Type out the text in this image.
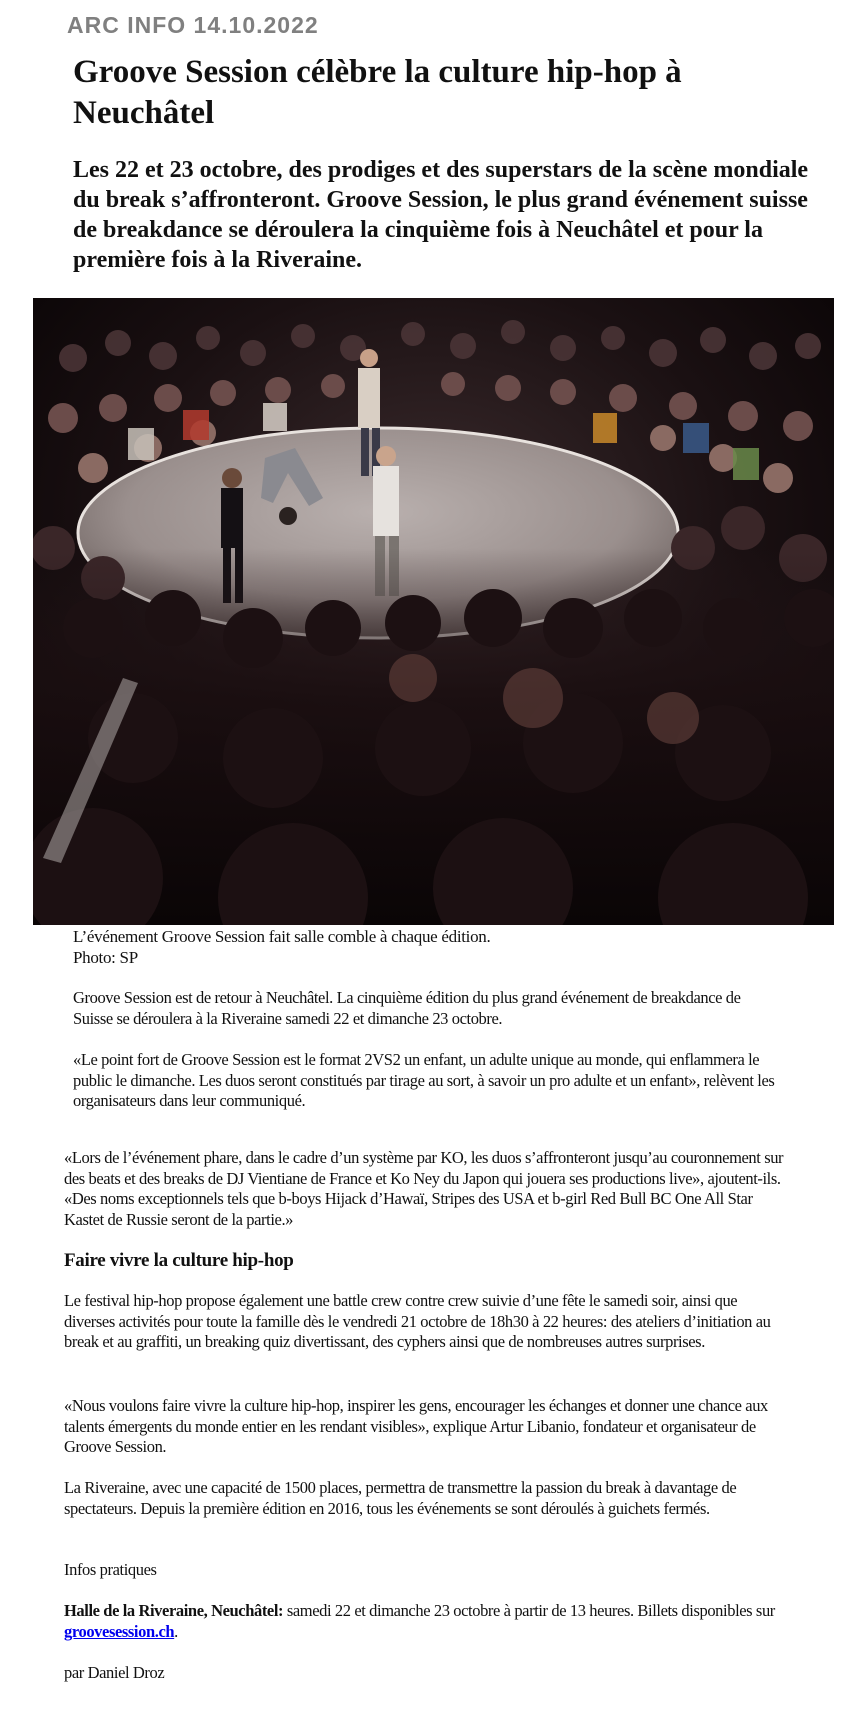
ARC INFO 14.10.2022

Groove Session célèbre la culture hip-hop à Neuchâtel

Les 22 et 23 octobre, des prodiges et des superstars de la scène mondiale du break s’affronteront. Groove Session, le plus grand événement suisse de breakdance se déroulera la cinquième fois à Neuchâtel et pour la première fois à la Riveraine.

L’événement Groove Session fait salle comble à chaque édition.
Photo: SP

Groove Session est de retour à Neuchâtel. La cinquième édition du plus grand événement de breakdance de Suisse se déroulera à la Riveraine samedi 22 et dimanche 23 octobre.

«Le point fort de Groove Session est le format 2VS2 un enfant, un adulte unique au monde, qui enflammera le public le dimanche. Les duos seront constitués par tirage au sort, à savoir un pro adulte et un enfant», relèvent les organisateurs dans leur communiqué.

«Lors de l’événement phare, dans le cadre d’un système par KO, les duos s’affronteront jusqu’au couronnement sur des beats et des breaks de DJ Vientiane de France et Ko Ney du Japon qui jouera ses productions live», ajoutent-ils. «Des noms exceptionnels tels que b-boys Hijack d’Hawaï, Stripes des USA et b-girl Red Bull BC One All Star Kastet de Russie seront de la partie.»

Faire vivre la culture hip-hop

Le festival hip-hop propose également une battle crew contre crew suivie d’une fête le samedi soir, ainsi que diverses activités pour toute la famille dès le vendredi 21 octobre de 18h30 à 22 heures: des ateliers d’initiation au break et au graffiti, un breaking quiz divertissant, des cyphers ainsi que de nombreuses autres surprises.

«Nous voulons faire vivre la culture hip-hop, inspirer les gens, encourager les échanges et donner une chance aux talents émergents du monde entier en les rendant visibles», explique Artur Libanio, fondateur et organisateur de Groove Session.

La Riveraine, avec une capacité de 1500 places, permettra de transmettre la passion du break à davantage de spectateurs. Depuis la première édition en 2016, tous les événements se sont déroulés à guichets fermés.

Infos pratiques

Halle de la Riveraine, Neuchâtel: samedi 22 et dimanche 23 octobre à partir de 13 heures. Billets disponibles sur groovesession.ch.

par Daniel Droz
